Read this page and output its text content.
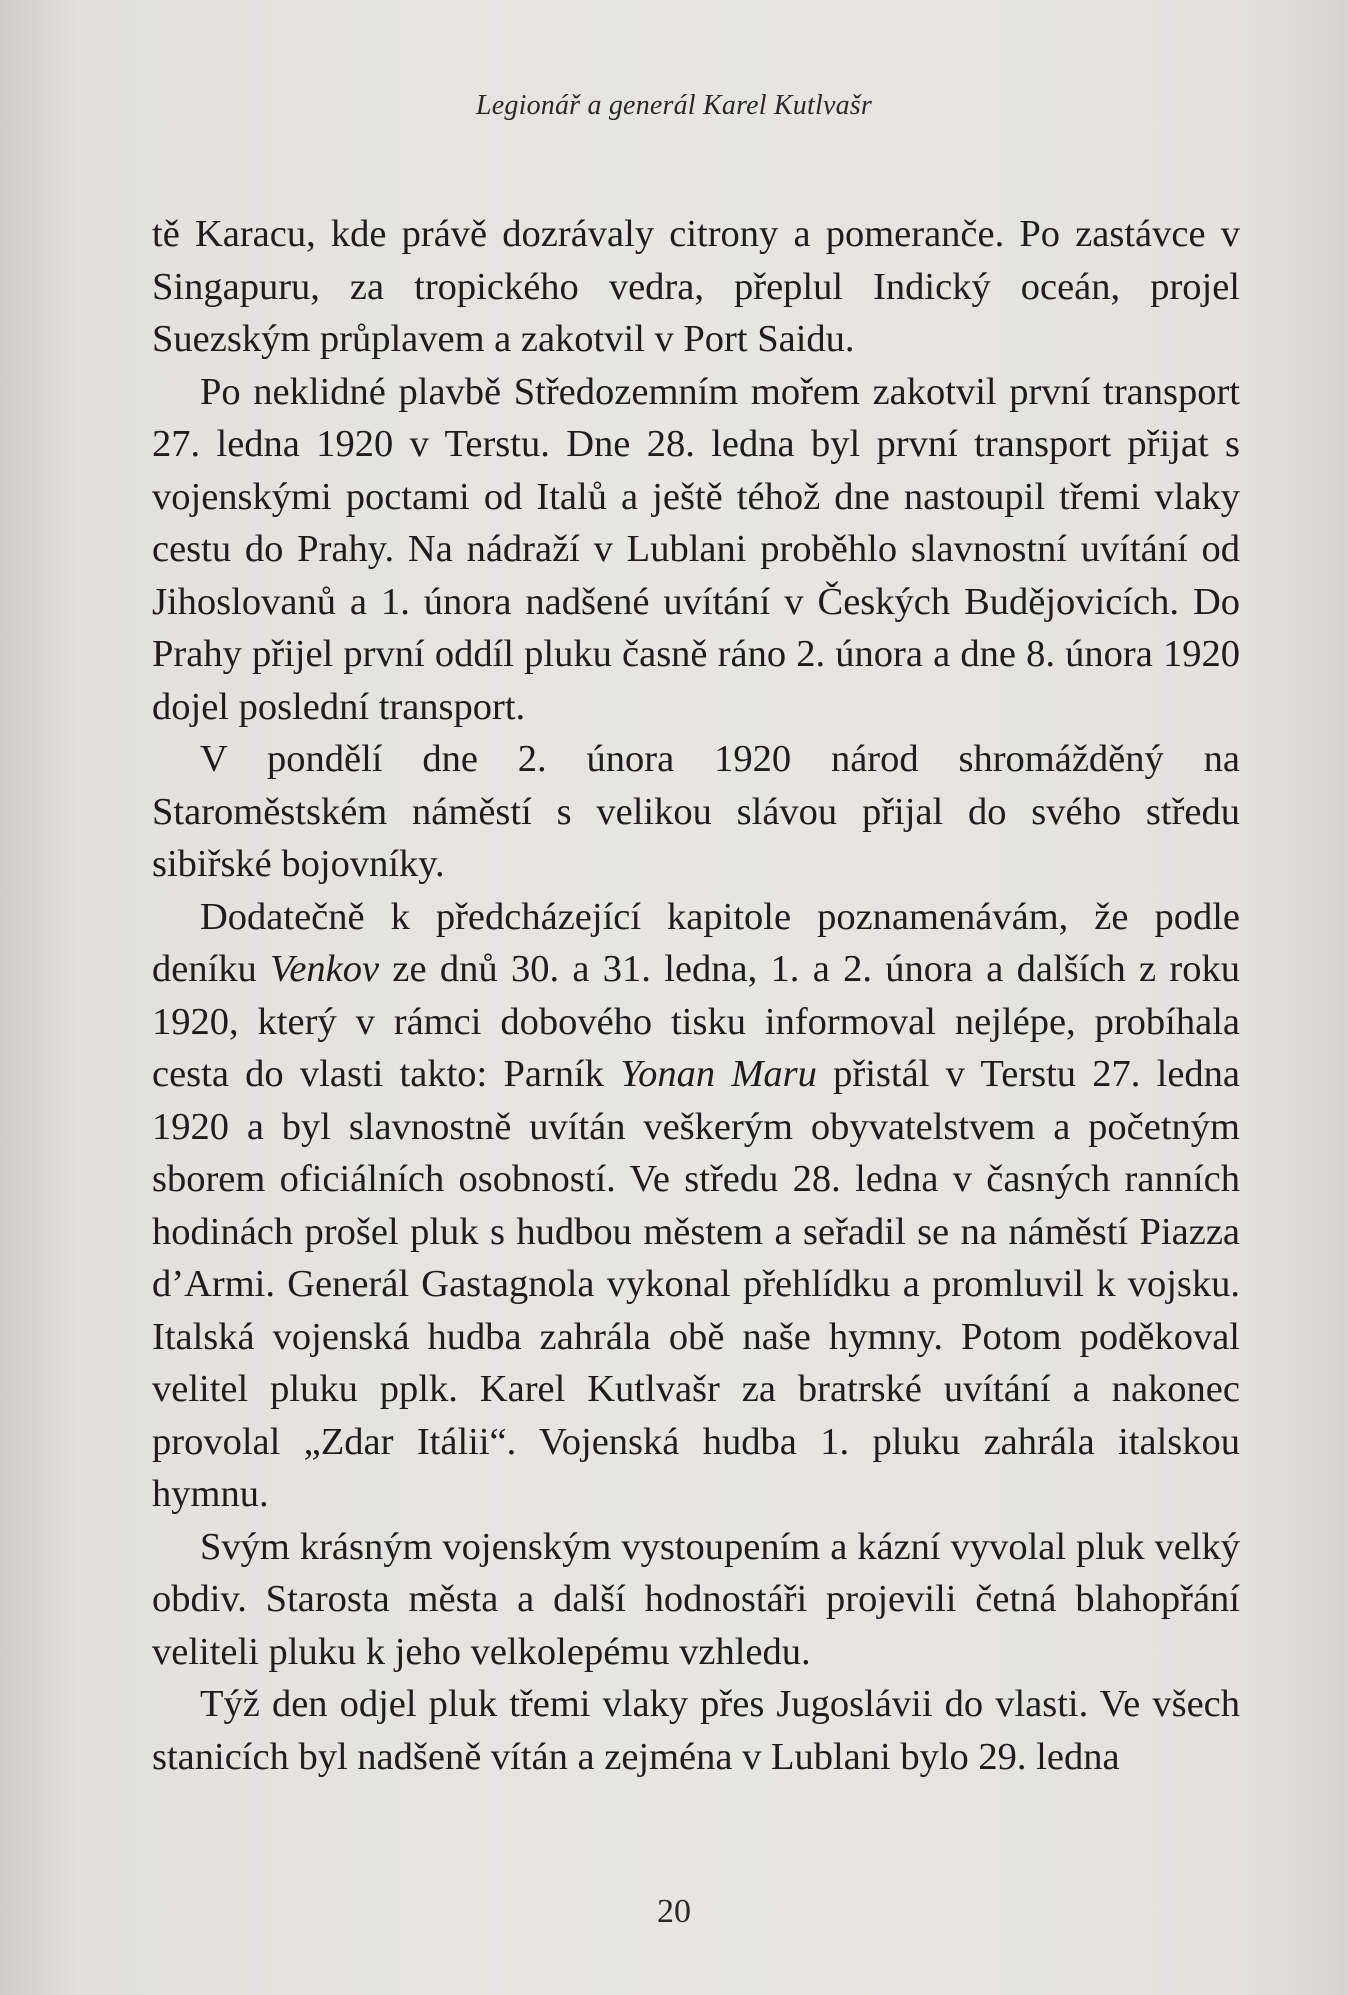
Legionář a generál Karel Kutlvašr

tě Karacu, kde právě dozrávaly citrony a pomeranče. Po zastávce v Singapuru, za tropického vedra, přeplul Indický oceán, projel Suezským průplavem a zakotvil v Port Saidu.

Po neklidné plavbě Středozemním mořem zakotvil první transport 27. ledna 1920 v Terstu. Dne 28. ledna byl první transport přijat s vojenskými poctami od Italů a ještě téhož dne nastoupil třemi vlaky cestu do Prahy. Na nádraží v Lublani proběhlo slavnostní uvítání od Jihoslovanů a 1. února nadšené uvítání v Českých Budějovicích. Do Prahy přijel první oddíl pluku časně ráno 2. února a dne 8. února 1920 dojel poslední transport.

V pondělí dne 2. února 1920 národ shromážděný na Staroměstském náměstí s velikou slávou přijal do svého středu sibiřské bojovníky.

Dodatečně k předcházející kapitole poznamenávám, že podle deníku Venkov ze dnů 30. a 31. ledna, 1. a 2. února a dalších z roku 1920, který v rámci dobového tisku informoval nejlépe, probíhala cesta do vlasti takto: Parník Yonan Maru přistál v Terstu 27. ledna 1920 a byl slavnostně uvítán veškerým obyvatelstvem a početným sborem oficiálních osobností. Ve středu 28. ledna v časných ranních hodinách prošel pluk s hudbou městem a seřadil se na náměstí Piazza d’Armi. Generál Gastagnola vykonal přehlídku a promluvil k vojsku. Italská vojenská hudba zahrála obě naše hymny. Potom poděkoval velitel pluku pplk. Karel Kutlvašr za bratrské uvítání a nakonec provolal „Zdar Itálii“. Vojenská hudba 1. pluku zahrála italskou hymnu.

Svým krásným vojenským vystoupením a kázní vyvolal pluk velký obdiv. Starosta města a další hodnostáři projevili četná blahopřání veliteli pluku k jeho velkolepému vzhledu.

Týž den odjel pluk třemi vlaky přes Jugoslávii do vlasti. Ve všech stanicích byl nadšeně vítán a zejména v Lublani bylo 29. ledna

20
